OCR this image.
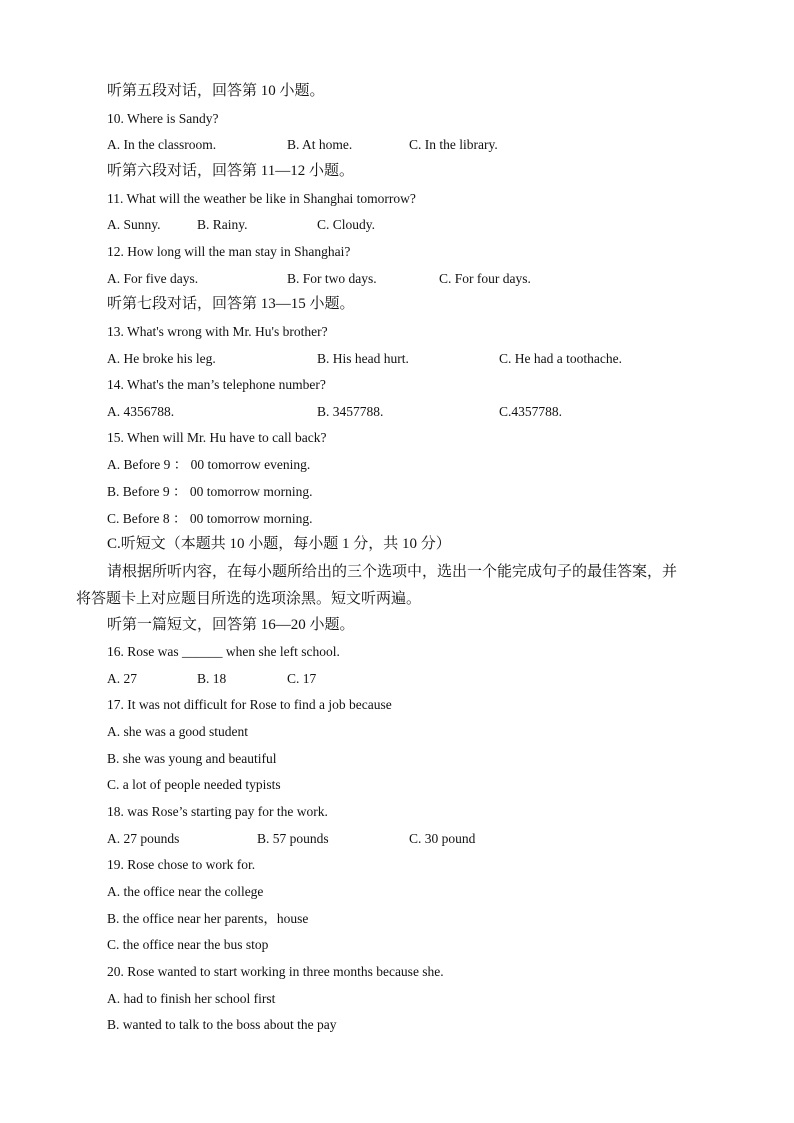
听第五段对话，回答第 10 小题。
10. Where is Sandy?
A. In the classroom.	B. At home.	C. In the library.
听第六段对话，回答第 11—12 小题。
11. What will the weather be like in Shanghai tomorrow?
A. Sunny.	B. Rainy.	C. Cloudy.
12. How long will the man stay in Shanghai?
A. For five days.	B. For two days.	C. For four days.
听第七段对话，回答第 13—15 小题。
13. What's wrong with Mr. Hu's brother?
A. He broke his leg.	B. His head hurt.	C. He had a toothache.
14. What's the man’s telephone number?
A. 4356788.	B. 3457788.	C.4357788.
15. When will Mr. Hu have to call back?
A. Before 9 ： 00 tomorrow evening.
B. Before 9 ： 00 tomorrow morning.
C. Before 8 ： 00 tomorrow morning.
C.听短文（本题共 10 小题，每小题 1 分，共 10 分）
请根据所听内容，在每小题所给出的三个选项中，选出一个能完成句子的最佳答案，并
将答题卡上对应题目所选的选项涂黑。短文听两遍。
听第一篇短文，回答第 16—20 小题。
16. Rose was ______ when she left school.
A. 27	B. 18	C. 17
17. It was not difficult for Rose to find a job because
A. she was a good student
B. she was young and beautiful
C. a lot of people needed typists
18. was Rose’s starting pay for the work.
A. 27 pounds	B. 57 pounds	C. 30 pound
19. Rose chose to work for.
A. the office near the college
B. the office near her parents，house
C. the office near the bus stop
20. Rose wanted to start working in three months because she.
A. had to finish her school first
B. wanted to talk to the boss about the pay
